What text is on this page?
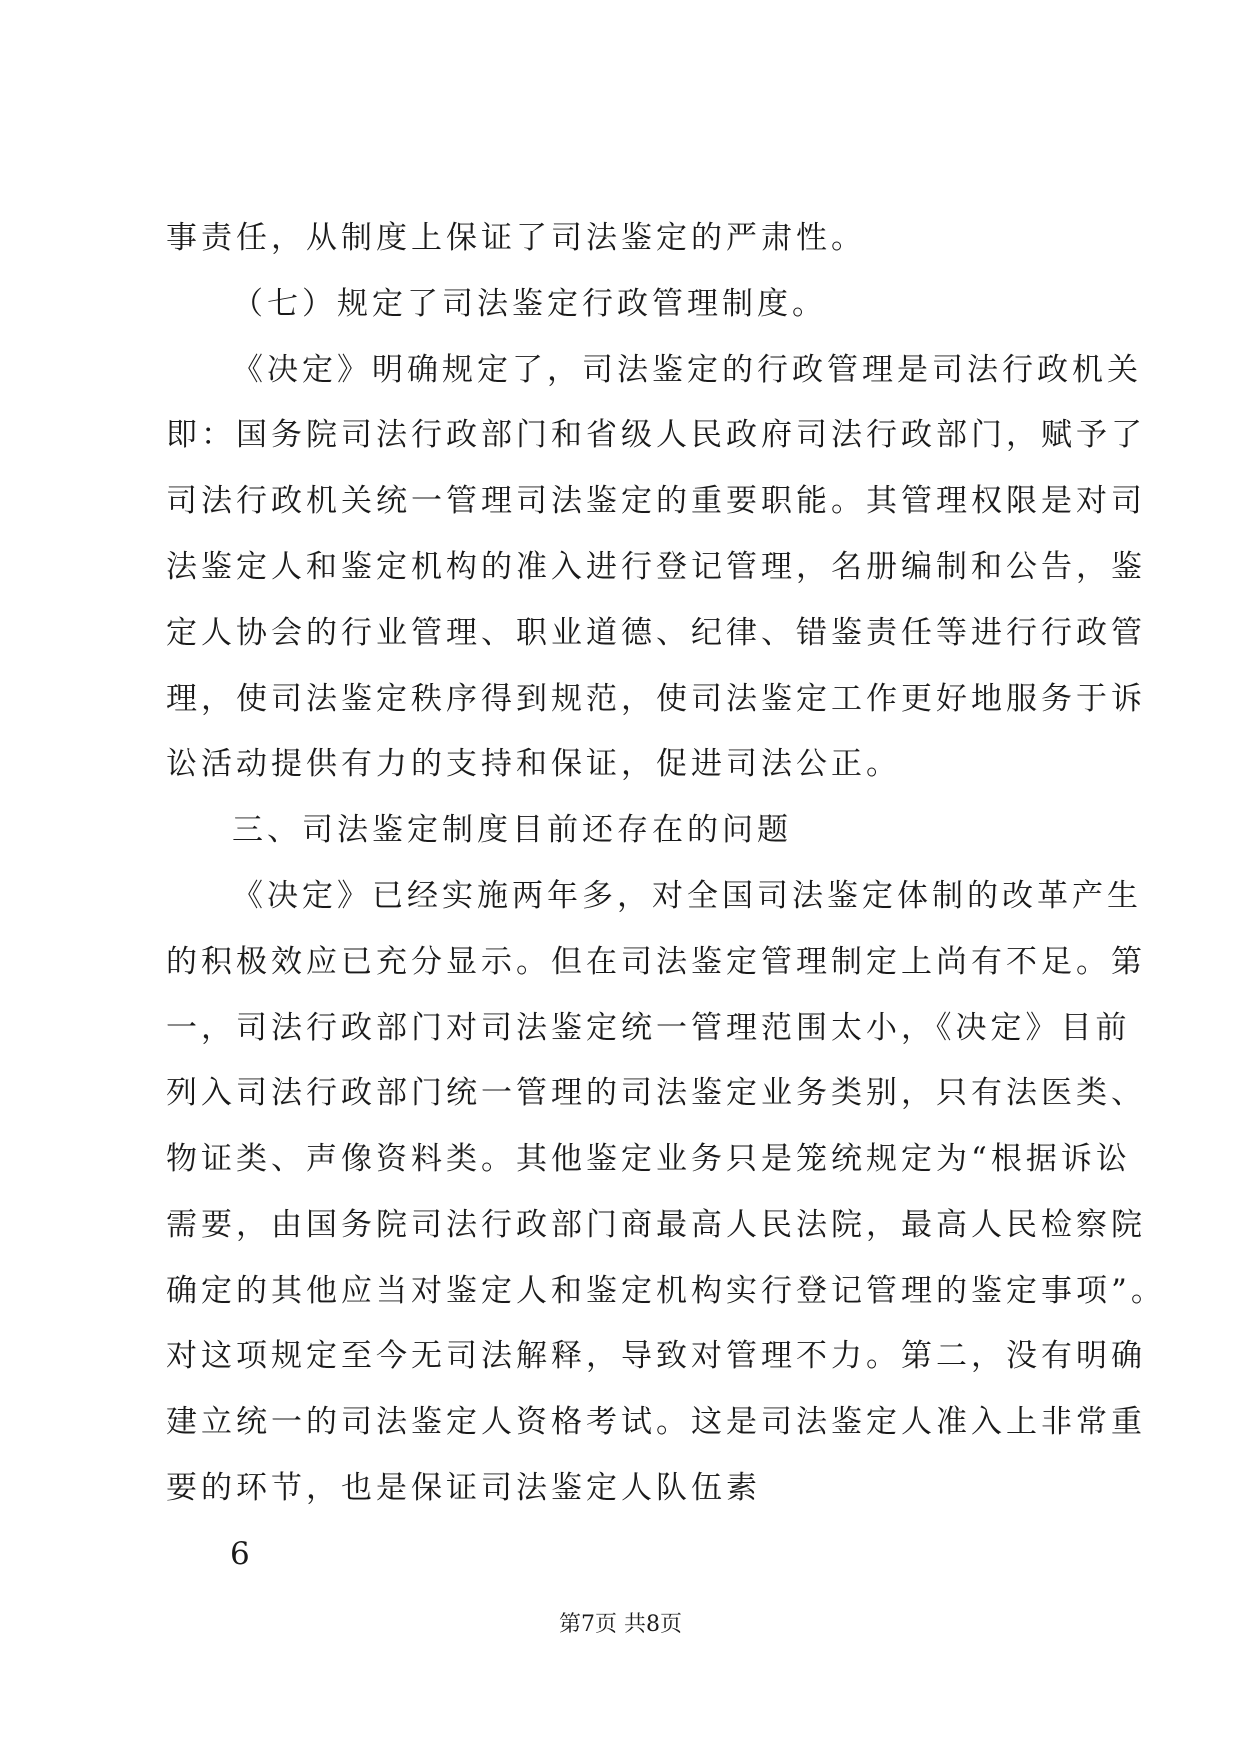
事责任，从制度上保证了司法鉴定的严肃性。
（七）规定了司法鉴定行政管理制度。
《决定》明确规定了，司法鉴定的行政管理是司法行政机关
即：国务院司法行政部门和省级人民政府司法行政部门，赋予了
司法行政机关统一管理司法鉴定的重要职能。其管理权限是对司
法鉴定人和鉴定机构的准入进行登记管理，名册编制和公告，鉴
定人协会的行业管理、职业道德、纪律、错鉴责任等进行行政管
理，使司法鉴定秩序得到规范，使司法鉴定工作更好地服务于诉
讼活动提供有力的支持和保证，促进司法公正。
三、司法鉴定制度目前还存在的问题
《决定》已经实施两年多，对全国司法鉴定体制的改革产生
的积极效应已充分显示。但在司法鉴定管理制定上尚有不足。第
一，司法行政部门对司法鉴定统一管理范围太小，《决定》目前
列入司法行政部门统一管理的司法鉴定业务类别，只有法医类、
物证类、声像资料类。其他鉴定业务只是笼统规定为“根据诉讼
需要，由国务院司法行政部门商最高人民法院，最高人民检察院
确定的其他应当对鉴定人和鉴定机构实行登记管理的鉴定事项”。
对这项规定至今无司法解释，导致对管理不力。第二，没有明确
建立统一的司法鉴定人资格考试。这是司法鉴定人准入上非常重
要的环节，也是保证司法鉴定人队伍素
6
第7页 共8页
